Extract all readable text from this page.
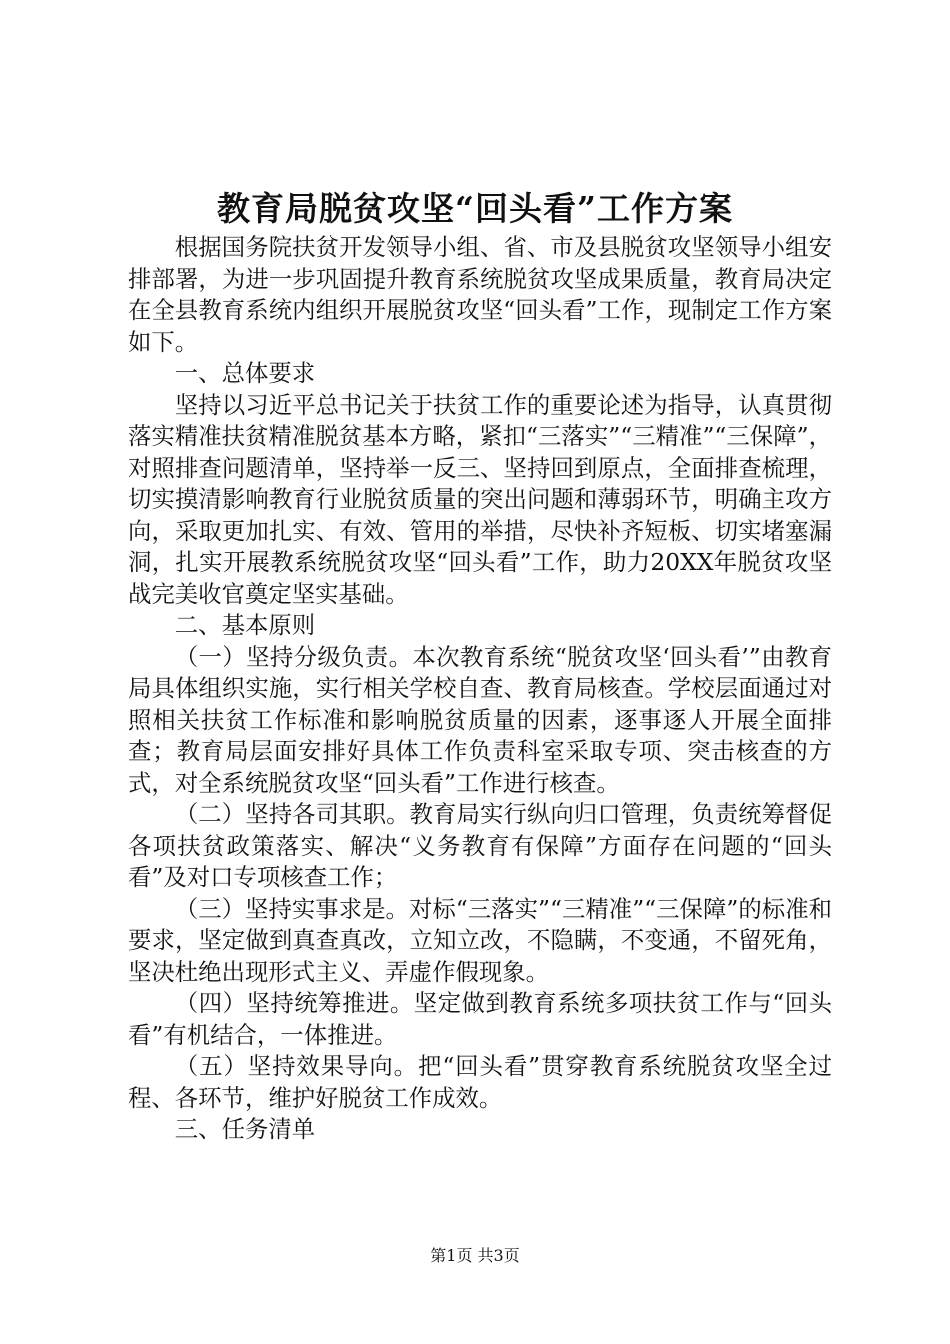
教育局脱贫攻坚“回头看”工作方案

根据国务院扶贫开发领导小组、省、市及县脱贫攻坚领导小组安排部署，为进一步巩固提升教育系统脱贫攻坚成果质量，教育局决定在全县教育系统内组织开展脱贫攻坚“回头看”工作，现制定工作方案如下。

一、总体要求

坚持以习近平总书记关于扶贫工作的重要论述为指导，认真贯彻落实精准扶贫精准脱贫基本方略，紧扣“三落实”“三精准”“三保障”，对照排查问题清单，坚持举一反三、坚持回到原点，全面排查梳理，切实摸清影响教育行业脱贫质量的突出问题和薄弱环节，明确主攻方向，采取更加扎实、有效、管用的举措，尽快补齐短板、切实堵塞漏洞，扎实开展教系统脱贫攻坚“回头看”工作，助力20XX年脱贫攻坚战完美收官奠定坚实基础。

二、基本原则

（一）坚持分级负责。本次教育系统“脱贫攻坚‘回头看’”由教育局具体组织实施，实行相关学校自查、教育局核查。学校层面通过对照相关扶贫工作标准和影响脱贫质量的因素，逐事逐人开展全面排查；教育局层面安排好具体工作负责科室采取专项、突击核查的方式，对全系统脱贫攻坚“回头看”工作进行核查。

（二）坚持各司其职。教育局实行纵向归口管理，负责统筹督促各项扶贫政策落实、解决“义务教育有保障”方面存在问题的“回头看”及对口专项核查工作；

（三）坚持实事求是。对标“三落实”“三精准”“三保障”的标准和要求，坚定做到真查真改，立知立改，不隐瞒，不变通，不留死角，坚决杜绝出现形式主义、弄虚作假现象。

（四）坚持统筹推进。坚定做到教育系统多项扶贫工作与“回头看”有机结合，一体推进。

（五）坚持效果导向。把“回头看”贯穿教育系统脱贫攻坚全过程、各环节，维护好脱贫工作成效。

三、任务清单

第1页 共3页
